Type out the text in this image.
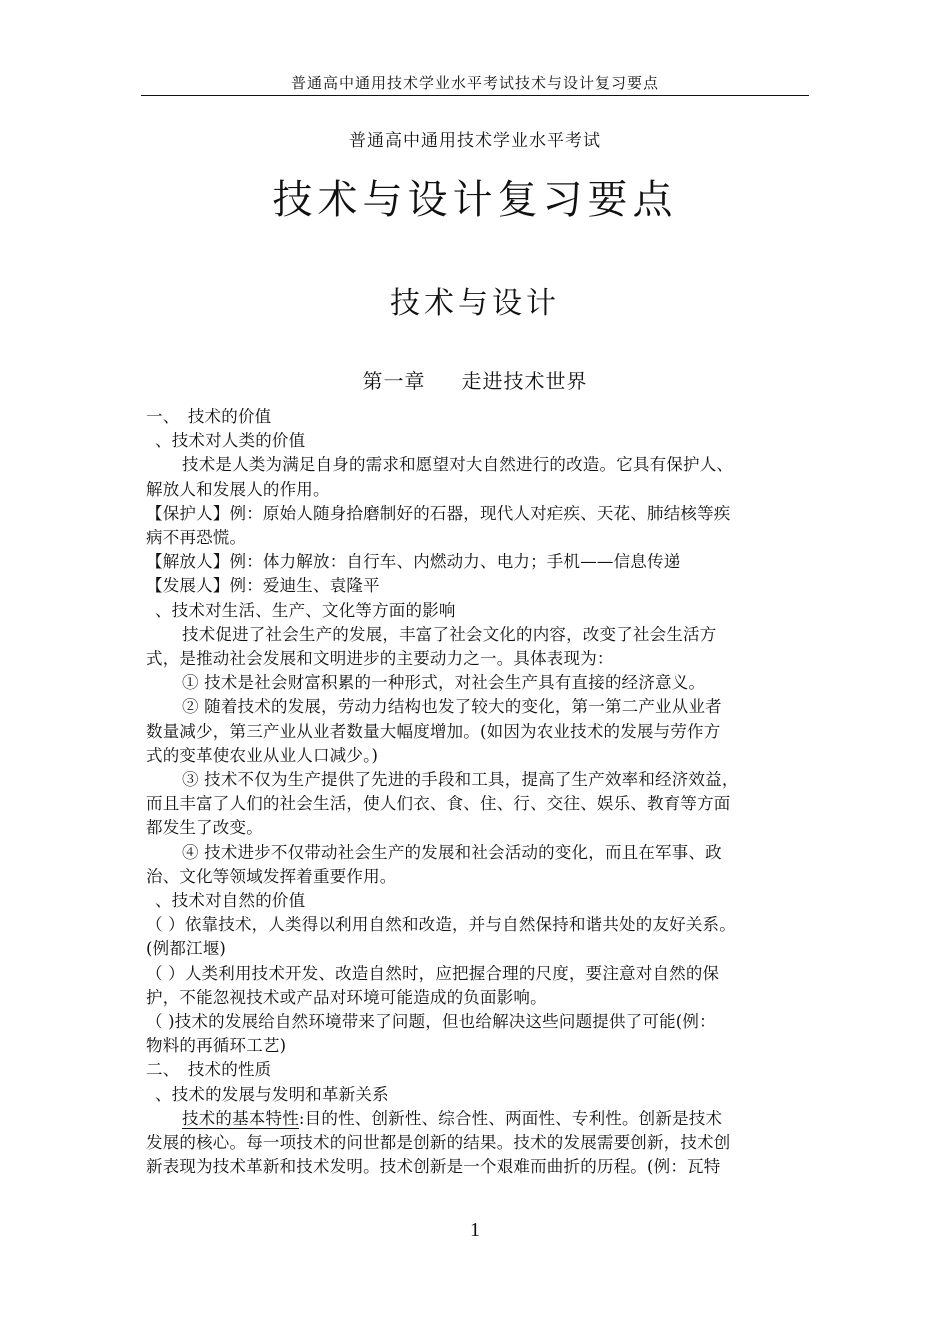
普通高中通用技术学业水平考试技术与设计复习要点
普通高中通用技术学业水平考试
技术与设计复习要点
技术与设计
第一章 走进技术世界
一、　技术的价值
、技术对人类的价值
技术是人类为满足自身的需求和愿望对大自然进行的改造。它具有保护人、
解放人和发展人的作用。
【保护人】例：原始人随身拾磨制好的石器，现代人对疟疾、天花、肺结核等疾
病不再恐慌。
【解放人】例：体力解放：自行车、内燃动力、电力；手机——信息传递
【发展人】例：爱迪生、袁隆平
、技术对生活、生产、文化等方面的影响
技术促进了社会生产的发展，丰富了社会文化的内容，改变了社会生活方
式，是推动社会发展和文明进步的主要动力之一。具体表现为：
① 技术是社会财富积累的一种形式，对社会生产具有直接的经济意义。
② 随着技术的发展，劳动力结构也发了较大的变化，第一第二产业从业者
数量减少，第三产业从业者数量大幅度增加。(如因为农业技术的发展与劳作方
式的变革使农业从业人口减少。)
③ 技术不仅为生产提供了先进的手段和工具，提高了生产效率和经济效益，
而且丰富了人们的社会生活，使人们衣、食、住、行、交往、娱乐、教育等方面
都发生了改变。
④ 技术进步不仅带动社会生产的发展和社会活动的变化，而且在军事、政
治、文化等领域发挥着重要作用。
、技术对自然的价值
（ ）依靠技术，人类得以利用自然和改造，并与自然保持和谐共处的友好关系。
(例都江堰)
（ ）人类利用技术开发、改造自然时，应把握合理的尺度，要注意对自然的保
护，不能忽视技术或产品对环境可能造成的负面影响。
（ )技术的发展给自然环境带来了问题，但也给解决这些问题提供了可能(例：
物料的再循环工艺)
二、　技术的性质
、技术的发展与发明和革新关系
技术的基本特性:目的性、创新性、综合性、两面性、专利性。创新是技术
发展的核心。每一项技术的问世都是创新的结果。技术的发展需要创新，技术创
新表现为技术革新和技术发明。技术创新是一个艰难而曲折的历程。(例：瓦特
1
